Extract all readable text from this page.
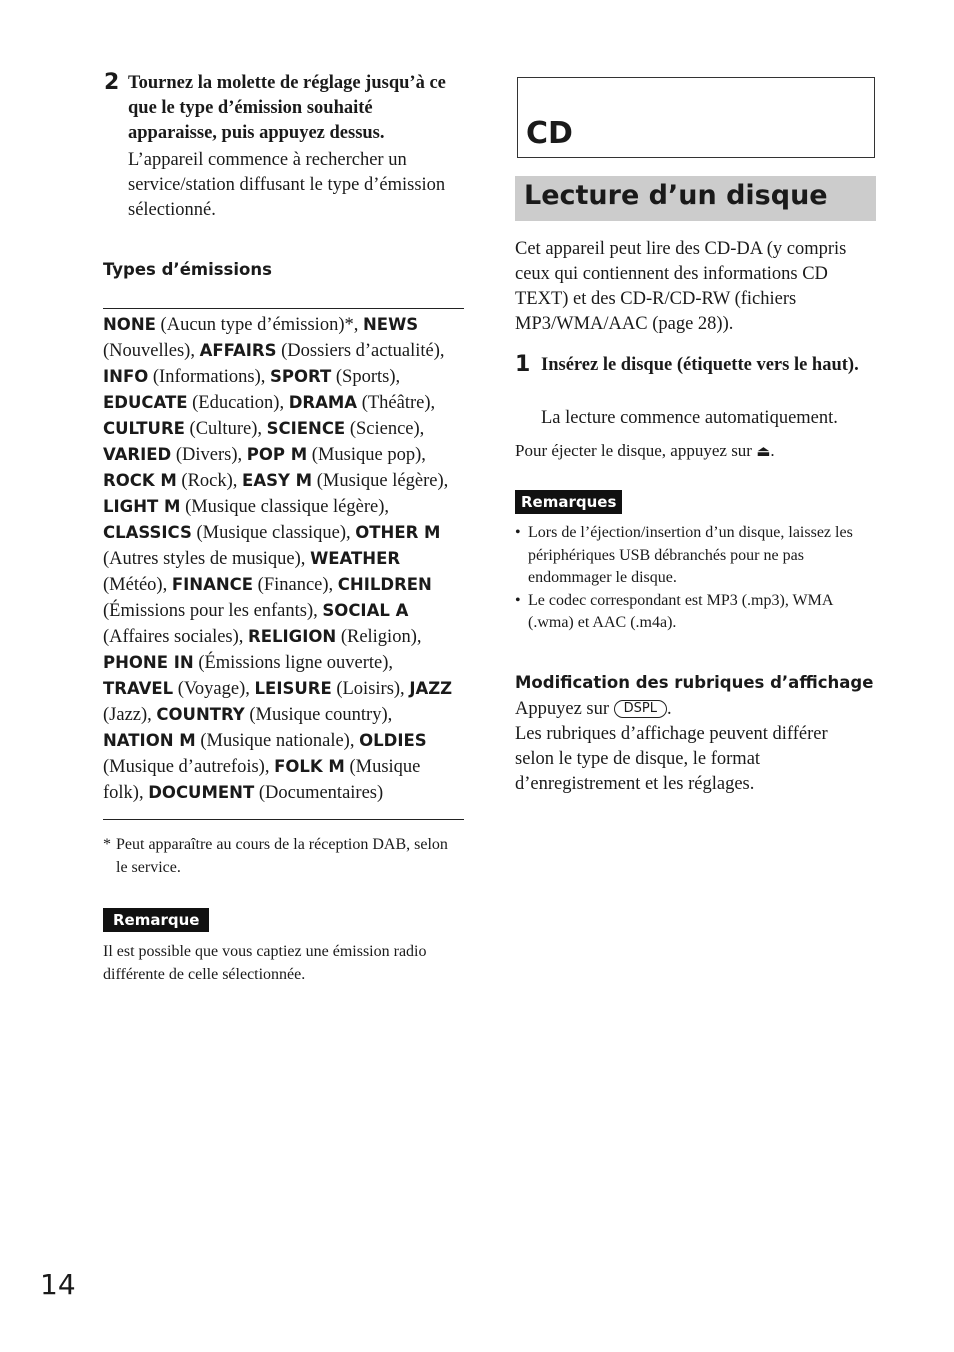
2 Tournez la molette de réglage jusqu’à ce que le type d’émission souhaité apparaisse, puis appuyez dessus.
L’appareil commence à rechercher un service/station diffusant le type d’émission sélectionné.
Types d’émissions
NONE (Aucun type d’émission)*, NEWS (Nouvelles), AFFAIRS (Dossiers d’actualité), INFO (Informations), SPORT (Sports), EDUCATE (Education), DRAMA (Théâtre), CULTURE (Culture), SCIENCE (Science), VARIED (Divers), POP M (Musique pop), ROCK M (Rock), EASY M (Musique légère), LIGHT M (Musique classique légère), CLASSICS (Musique classique), OTHER M (Autres styles de musique), WEATHER (Météo), FINANCE (Finance), CHILDREN (Émissions pour les enfants), SOCIAL A (Affaires sociales), RELIGION (Religion), PHONE IN (Émissions ligne ouverte), TRAVEL (Voyage), LEISURE (Loisirs), JAZZ (Jazz), COUNTRY (Musique country), NATION M (Musique nationale), OLDIES (Musique d’autrefois), FOLK M (Musique folk), DOCUMENT (Documentaires)
* Peut apparaître au cours de la réception DAB, selon le service.
Remarque
Il est possible que vous captiez une émission radio différente de celle sélectionnée.
CD
Lecture d’un disque
Cet appareil peut lire des CD-DA (y compris ceux qui contiennent des informations CD TEXT) et des CD-R/CD-RW (fichiers MP3/WMA/AAC (page 28)).
1 Insérez le disque (étiquette vers le haut).
La lecture commence automatiquement.
Pour éjecter le disque, appuyez sur ⏏.
Remarques
• Lors de l’éjection/insertion d’un disque, laissez les périphériques USB débranchés pour ne pas endommager le disque.
• Le codec correspondant est MP3 (.mp3), WMA (.wma) et AAC (.m4a).
Modification des rubriques d’affichage
Appuyez sur DSPL .
Les rubriques d’affichage peuvent différer selon le type de disque, le format d’enregistrement et les réglages.
14
